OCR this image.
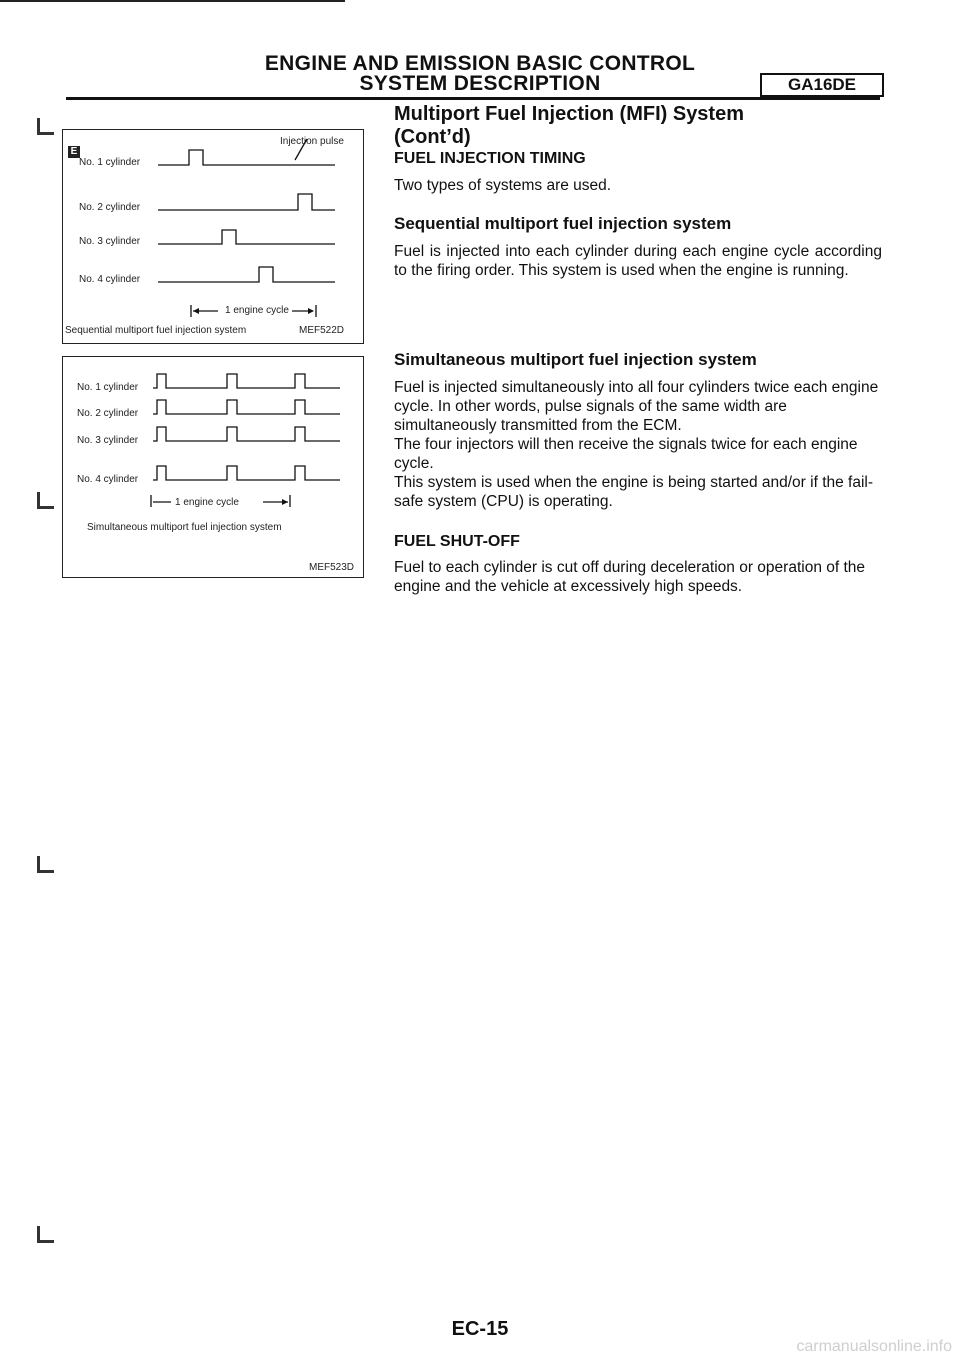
ENGINE AND EMISSION BASIC CONTROL
SYSTEM DESCRIPTION	GA16DE
E
Injection pulse
No. 1 cylinder
No. 2 cylinder
No. 3 cylinder
No. 4 cylinder
1 engine cycle
Sequential multiport fuel injection system	MEF522D
No. 1 cylinder
No. 2 cylinder
No. 3 cylinder
No. 4 cylinder
1 engine cycle
Simultaneous multiport fuel injection system
MEF523D
Multiport Fuel Injection (MFI) System
(Cont’d)
FUEL INJECTION TIMING
Two types of systems are used.
Sequential multiport fuel injection system
Fuel is injected into each cylinder during each engine cycle according to the firing order. This system is used when the engine is running.
Simultaneous multiport fuel injection system

Fuel is injected simultaneously into all four cylinders twice each engine cycle. In other words, pulse signals of the same width are simultaneously transmitted from the ECM.

The four injectors will then receive the signals twice for each engine cycle.

This system is used when the engine is being started and/or if the fail-safe system (CPU) is operating.

FUEL SHUT-OFF
Fuel to each cylinder is cut off during deceleration or operation of the engine and the vehicle at excessively high speeds.
EC-15
carmanualsonline.info
